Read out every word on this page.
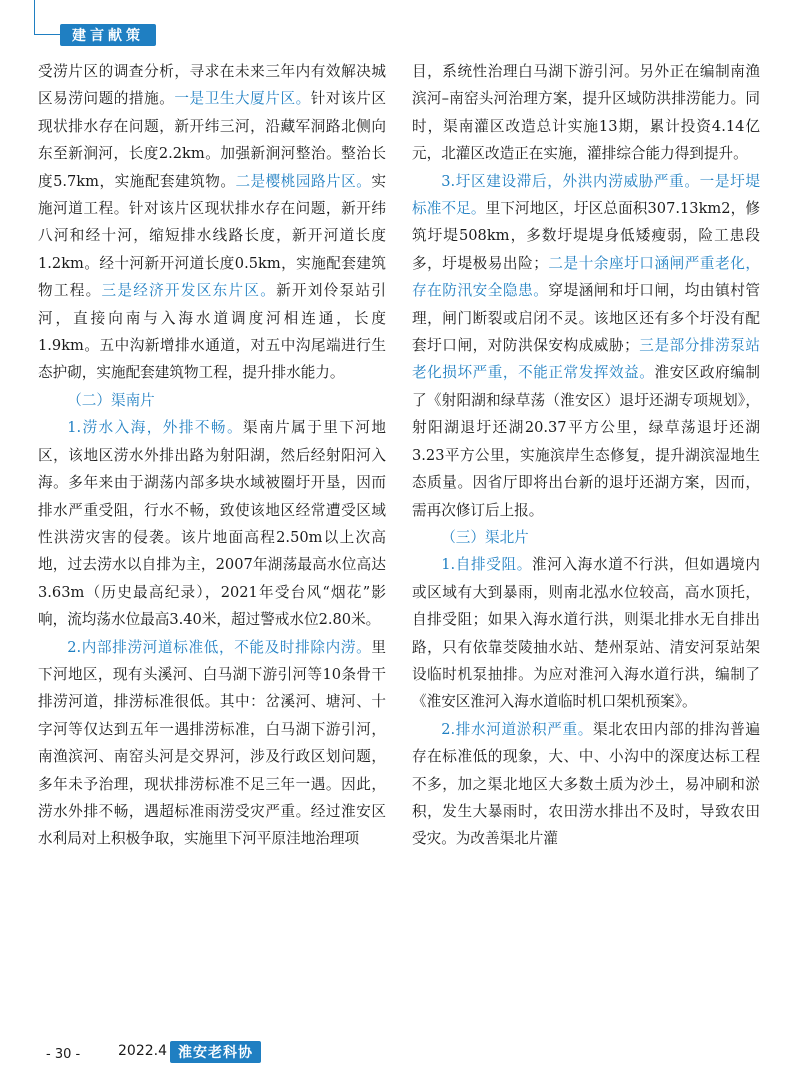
建言献策

受涝片区的调查分析，寻求在未来三年内有效解决城区易涝问题的措施。一是卫生大厦片区。针对该片区现状排水存在问题，新开纬三河，沿藏军洞路北侧向东至新涧河，长度2.2km。加强新涧河整治。整治长度5.7km，实施配套建筑物。二是樱桃园路片区。实施河道工程。针对该片区现状排水存在问题，新开纬八河和经十河，缩短排水线路长度，新开河道长度1.2km。经十河新开河道长度0.5km，实施配套建筑物工程。三是经济开发区东片区。新开刘伶泵站引河，直接向南与入海水道调度河相连通，长度1.9km。五中沟新增排水通道，对五中沟尾端进行生态护砌，实施配套建筑物工程，提升排水能力。

（二）渠南片

1.涝水入海，外排不畅。渠南片属于里下河地区，该地区涝水外排出路为射阳湖，然后经射阳河入海。多年来由于湖荡内部多块水域被圈圩开垦，因而排水严重受阻，行水不畅，致使该地区经常遭受区域性洪涝灾害的侵袭。该片地面高程2.50m以上次高地，过去涝水以自排为主，2007年湖荡最高水位高达3.63m（历史最高纪录），2021年受台风“烟花”影响，流均荡水位最高3.40米，超过警戒水位2.80米。

2.内部排涝河道标准低，不能及时排除内涝。里下河地区，现有头溪河、白马湖下游引河等10条骨干排涝河道，排涝标准很低。其中：岔溪河、塘河、十字河等仅达到五年一遇排涝标准，白马湖下游引河，南渔滨河、南窑头河是交界河，涉及行政区划问题，多年未予治理，现状排涝标准不足三年一遇。因此，涝水外排不畅，遇超标准雨涝受灾严重。经过淮安区水利局对上积极争取，实施里下河平原洼地治理项

目，系统性治理白马湖下游引河。另外正在编制南渔滨河–南窑头河治理方案，提升区域防洪排涝能力。同时，渠南灌区改造总计实施13期，累计投资4.14亿元，北灌区改造正在实施，灌排综合能力得到提升。

3.圩区建设滞后，外洪内涝威胁严重。一是圩堤标准不足。里下河地区，圩区总面积307.13km2，修筑圩堤508km，多数圩堤堤身低矮瘦弱，险工患段多，圩堤极易出险；二是十余座圩口涵闸严重老化，存在防汛安全隐患。穿堤涵闸和圩口闸，均由镇村管理，闸门断裂或启闭不灵。该地区还有多个圩没有配套圩口闸，对防洪保安构成威胁；三是部分排涝泵站老化损坏严重，不能正常发挥效益。淮安区政府编制了《射阳湖和绿草荡（淮安区）退圩还湖专项规划》，射阳湖退圩还湖20.37平方公里，绿草荡退圩还湖3.23平方公里，实施滨岸生态修复，提升湖滨湿地生态质量。因省厅即将出台新的退圩还湖方案，因而，需再次修订后上报。

（三）渠北片

1.自排受阻。淮河入海水道不行洪，但如遇境内或区域有大到暴雨，则南北泓水位较高，高水顶托，自排受阻；如果入海水道行洪，则渠北排水无自排出路，只有依靠茭陵抽水站、楚州泵站、清安河泵站架设临时机泵抽排。为应对淮河入海水道行洪，编制了《淮安区淮河入海水道临时机口架机预案》。

2.排水河道淤积严重。渠北农田内部的排沟普遍存在标准低的现象，大、中、小沟中的深度达标工程不多，加之渠北地区大多数土质为沙土，易冲刷和淤积，发生大暴雨时，农田涝水排出不及时，导致农田受灾。为改善渠北片灌

- 30 -	2022.4 淮安老科协
